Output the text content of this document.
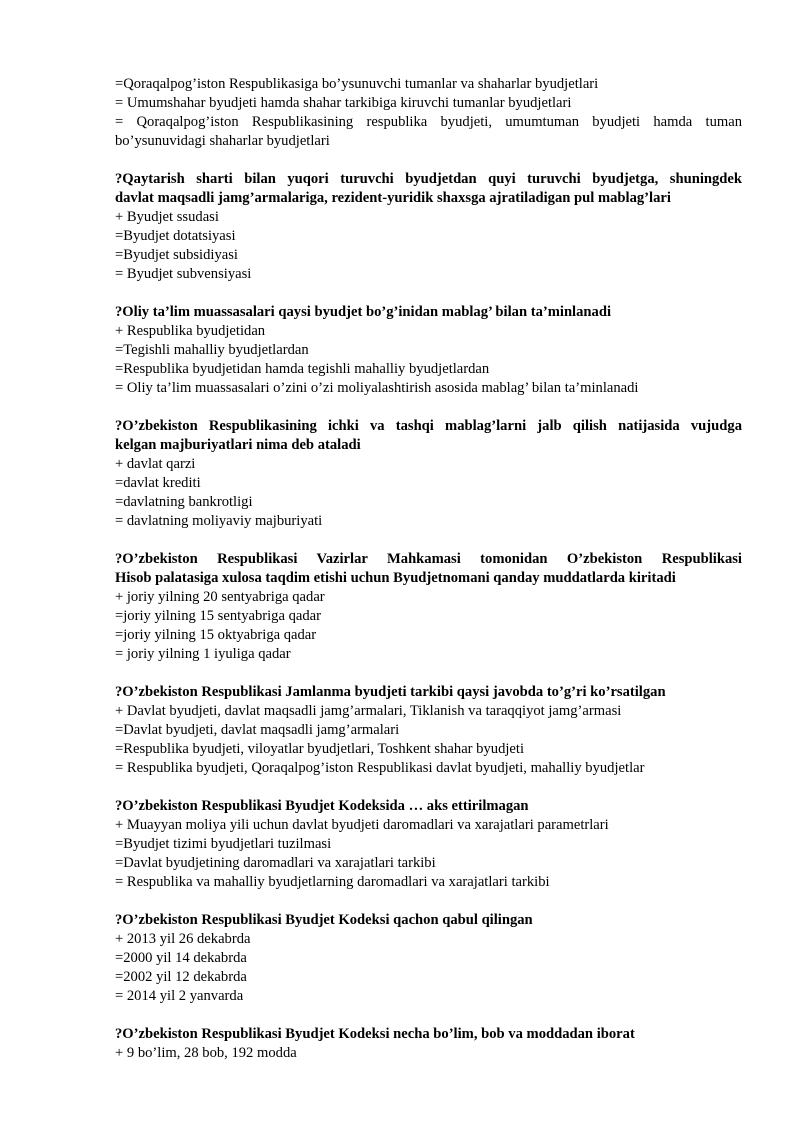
=Qoraqalpog’iston Respublikasiga bo’ysunuvchi tumanlar va shaharlar byudjetlari

= Umumshahar byudjeti hamda shahar tarkibiga kiruvchi tumanlar byudjetlari

= Qoraqalpog’iston Respublikasining respublika byudjeti, umumtuman byudjeti hamda tuman

bo’ysunuvidagi shaharlar byudjetlari

?Qaytarish sharti bilan yuqori turuvchi byudjetdan quyi turuvchi byudjetga, shuningdek

davlat maqsadli jamg’armalariga, rezident-yuridik shaxsga ajratiladigan pul mablag’lari

+ Byudjet ssudasi

=Byudjet dotatsiyasi

=Byudjet subsidiyasi

= Byudjet subvensiyasi

?Oliy ta’lim muassasalari qaysi byudjet bo’g’inidan mablag’ bilan ta’minlanadi

+ Respublika byudjetidan

=Tegishli mahalliy byudjetlardan

=Respublika byudjetidan hamda tegishli mahalliy byudjetlardan

= Oliy ta’lim muassasalari o’zini o’zi moliyalashtirish asosida mablag’ bilan ta’minlanadi

?O’zbekiston Respublikasining ichki va tashqi mablag’larni jalb qilish natijasida vujudga

kelgan majburiyatlari nima deb ataladi

+ davlat qarzi

=davlat krediti

=davlatning bankrotligi

= davlatning moliyaviy majburiyati

?O’zbekiston Respublikasi Vazirlar Mahkamasi tomonidan O’zbekiston Respublikasi

Hisob palatasiga xulosa taqdim etishi uchun Byudjetnomani qanday muddatlarda kiritadi

+ joriy yilning 20 sentyabriga qadar

=joriy yilning 15 sentyabriga qadar

=joriy yilning 15 oktyabriga qadar

= joriy yilning 1 iyuliga qadar

?O’zbekiston Respublikasi Jamlanma byudjeti tarkibi qaysi javobda to’g’ri ko’rsatilgan

+ Davlat byudjeti, davlat maqsadli jamg’armalari, Tiklanish va taraqqiyot jamg’armasi

=Davlat byudjeti, davlat maqsadli jamg’armalari

=Respublika byudjeti, viloyatlar byudjetlari, Toshkent shahar byudjeti

= Respublika byudjeti, Qoraqalpog’iston Respublikasi davlat byudjeti, mahalliy byudjetlar

?O’zbekiston Respublikasi Byudjet Kodeksida … aks ettirilmagan

+ Muayyan moliya yili uchun davlat byudjeti daromadlari va xarajatlari parametrlari

=Byudjet tizimi byudjetlari tuzilmasi

=Davlat byudjetining daromadlari va xarajatlari tarkibi

= Respublika va mahalliy byudjetlarning daromadlari va xarajatlari tarkibi

?O’zbekiston Respublikasi Byudjet Kodeksi qachon qabul qilingan

+ 2013 yil 26 dekabrda

=2000 yil 14 dekabrda

=2002 yil 12 dekabrda

= 2014 yil 2 yanvarda

?O’zbekiston Respublikasi Byudjet Kodeksi necha bo’lim, bob va moddadan iborat

+ 9 bo’lim, 28 bob, 192 modda
